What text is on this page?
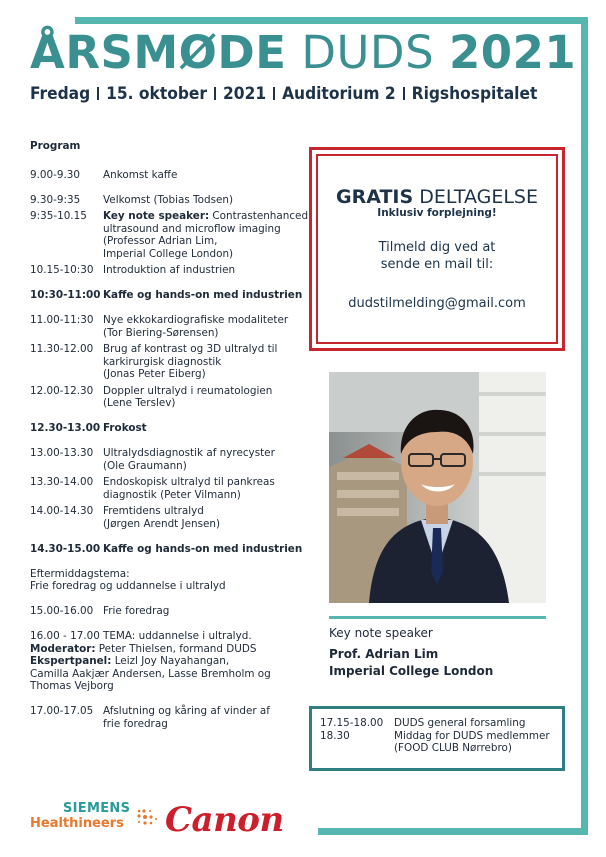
ÅRSMØDE DUDS 2021
Fredag 15. oktober 2021 Auditorium 2 Rigshospitalet
Program
9.00-9.30	Ankomst kaffe
9.30-9:35	Velkomst (Tobias Todsen)
9:35-10.15	Key note speaker: Contrastenhanced
ultrasound and microflow imaging
(Professor Adrian Lim,
Imperial College London)
10.15-10:30 Introduktion af industrien
10:30-11:00 Kaffe og hands-on med industrien
11.00-11:30 Nye ekkokardiografiske modaliteter
(Tor Biering-Sørensen)
11.30-12.00 Brug af kontrast og 3D ultralyd til
karkirurgisk diagnostik
(Jonas Peter Eiberg)
12.00-12.30 Doppler ultralyd i reumatologien
(Lene Terslev)
12.30-13.00 Frokost
13.00-13.30 Ultralydsdiagnostik af nyrecyster
(Ole Graumann)
13.30-14.00 Endoskopisk ultralyd til pankreas
diagnostik (Peter Vilmann)
14.00-14.30 Fremtidens ultralyd
(Jørgen Arendt Jensen)
14.30-15.00 Kaffe og hands-on med industrien
Eftermiddagstema:
Frie foredrag og uddannelse i ultralyd
15.00-16.00 Frie foredrag
16.00 - 17.00 TEMA: uddannelse i ultralyd.
Moderator: Peter Thielsen, formand DUDS
Ekspertpanel: Leizl Joy Nayahangan,
Camilla Aakjær Andersen, Lasse Bremholm og
Thomas Vejborg
17.00-17.05 Afslutning og kåring af vinder af
frie foredrag
GRATIS DELTAGELSE
Inklusiv forplejning!
Tilmeld dig ved at
sende en mail til:
dudstilmelding@gmail.com
Key note speaker
Prof. Adrian Lim
Imperial College London
17.15-18.00	DUDS general forsamling
18.30	Middag for DUDS medlemmer
(FOOD CLUB Nørrebro)
SIEMENS
Healthineers Canon
